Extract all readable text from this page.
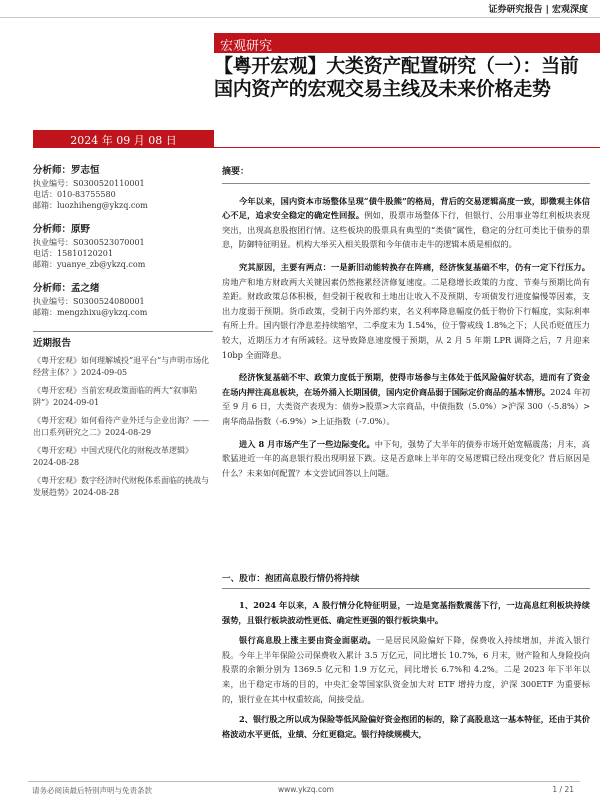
证券研究报告 | 宏观深度
宏观研究
【粤开宏观】大类资产配置研究（一）：当前国内资产的宏观交易主线及未来价格走势
2024 年 09 月 08 日
分析师：罗志恒
执业编号：S0300520110001
电话：010-83755580
邮箱：luozhiheng@ykzq.com
分析师：原野
执业编号：S0300523070001
电话：15810120201
邮箱：yuanye_zb@ykzq.com
分析师：孟之绪
执业编号：S0300524080001
邮箱：mengzhixu@ykzq.com
近期报告
《粤开宏观》如何理解城投“退平台”与声明市场化经营主体？》2024-09-05
《粤开宏观》当前宏观政策面临的两大“叙事陷阱”》2024-09-01
《粤开宏观》如何看待产业外迁与企业出海？——出口系列研究之二》2024-08-29
《粤开宏观》中国式现代化的财税改革逻辑》2024-08-28
《粤开宏观》数字经济时代财税体系面临的挑战与发展趋势》2024-08-28
摘要：

今年以来，国内资本市场整体呈现“债牛股熊”的格局，背后的交易逻辑高度一致，即微观主体信心不足，追求安全稳定的确定性回报。例如，股票市场整体下行，但银行、公用事业等红利板块表现突出，出现高息股抱团行情。这些板块的股票具有典型的“类债”属性，稳定的分红可类比于债券的票息，防御特征明显。机构大举买入相关股票和今年债市走牛的逻辑本质是相似的。

究其原因，主要有两点：一是新旧动能转换存在阵痛，经济恢复基础不牢，仍有一定下行压力。房地产和地方财政两大关键因素仍然拖累经济修复速度。二是稳增长政策的力度、节奏与预期比尚有差距。财政政策总体积极，但受制于税收和土地出让收入不及预期、专项债发行进度偏慢等因素，支出力度弱于预期。货币政策，受制于内外部约束，名义利率降息幅度仍低于物价下行幅度，实际利率有所上升。国内银行净息差持续缩窄，二季度末为 1.54%，位于警戒线 1.8%之下；人民币贬值压力较大，近期压力才有所减轻。这导致降息速度慢于预期，从 2 月 5 年期 LPR 调降之后，7 月迎来 10bp 全面降息。

经济恢复基础不牢、政策力度低于预期，使得市场参与主体处于低风险偏好状态，进而有了资金在场内押注高息板块，在场外涌入长期国债，国内定价商品弱于国际定价商品的基本情形。2024 年初至 9 月 6 日，大类资产表现为：债券>股票>大宗商品，中债指数（5.0%）>沪深 300（-5.8%）>南华商品指数（-6.9%）>上证指数（-7.0%）。

进入 8 月市场产生了一些边际变化。中下旬，强势了大半年的债券市场开始宽幅震荡；月末，高歌猛进近一年的高息银行股出现明显下跌。这是否意味上半年的交易逻辑已经出现变化？背后原因是什么？未来如何配置？本文尝试回答以上问题。

一、股市：抱团高息股行情仍将持续

1、2024 年以来，A 股行情分化特征明显，一边是宽基指数震荡下行，一边高息红利板块持续强势，且银行板块波动性更低、确定性更强的银行板块集中。

银行高息股上涨主要由资金面驱动。一是居民风险偏好下降，保费收入持续增加，并流入银行股。今年上半年保险公司保费收入累计 3.5 万亿元，同比增长 10.7%，6 月末，财产险和人身险投向股票的余额分别为 1369.5 亿元和 1.9 万亿元，同比增长 6.7%和 4.2%。二是 2023 年下半年以来，出于稳定市场的目的，中央汇金等国家队资金加大对 ETF 增持力度，沪深 300ETF 为重要标的，银行业在其中权重较高，间接受益。

2、银行股之所以成为保险等低风险偏好资金抱团的标的，除了高股息这一基本特征，还由于其价格波动水平更低，业绩、分红更稳定。银行持续规模大，

请务必阅读最后特别声明与免责条款	www.ykzq.com	1 / 21
